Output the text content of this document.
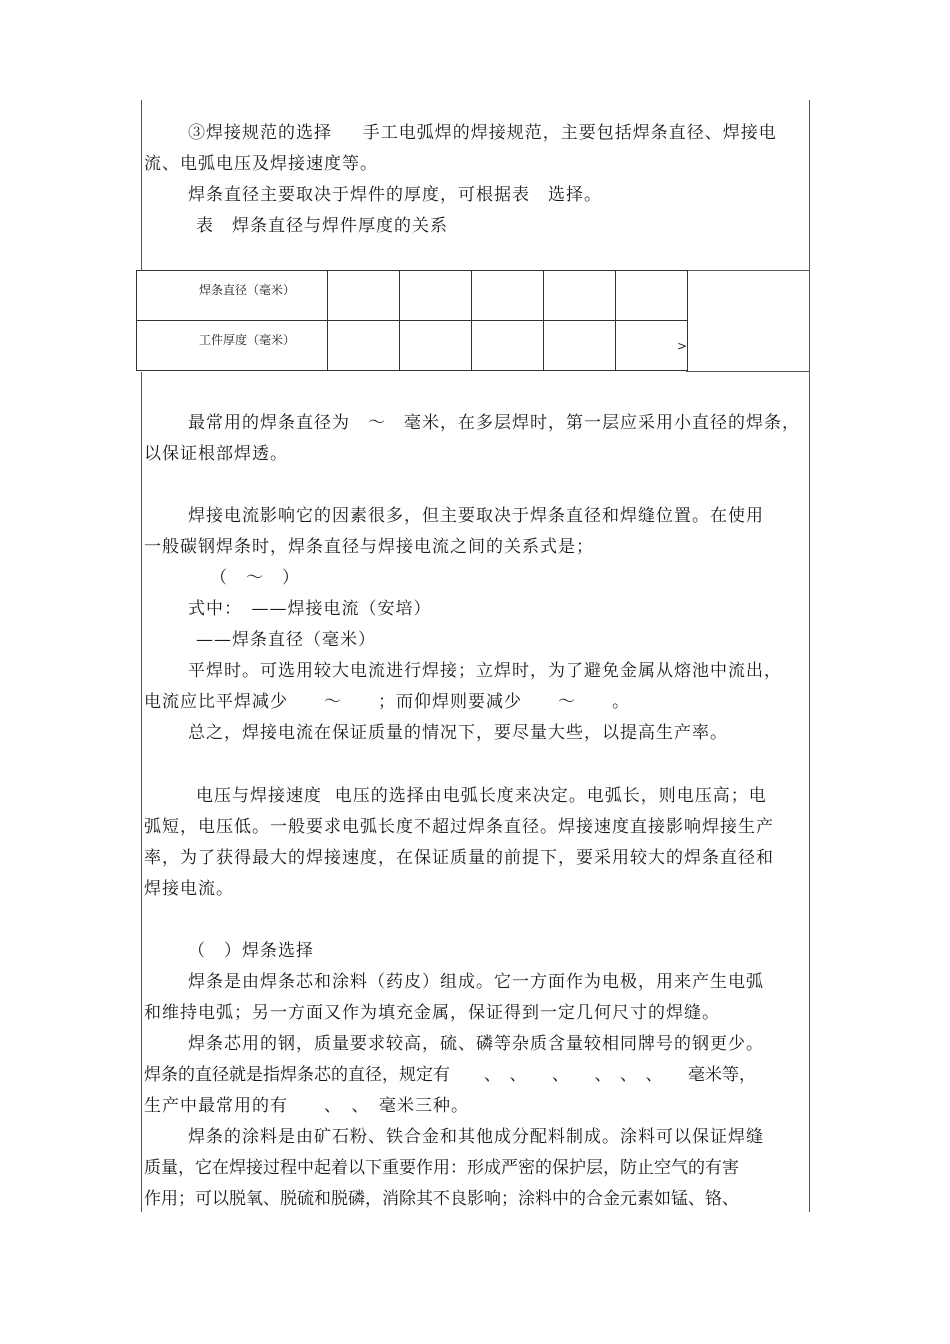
③焊接规范的选择　  手工电弧焊的焊接规范，主要包括焊条直径、焊接电
流、电弧电压及焊接速度等。
焊条直径主要取决于焊件的厚度，可根据表　选择。
表　焊条直径与焊件厚度的关系
焊条直径（毫米）					
工件厚度（毫米）					>
最常用的焊条直径为　～　毫米，在多层焊时，第一层应采用小直径的焊条，
以保证根部焊透。
焊接电流影响它的因素很多，但主要取决于焊条直径和焊缝位置。在使用
一般碳钢焊条时，焊条直径与焊接电流之间的关系式是；
（　～　）
式中：　——焊接电流（安培）
——焊条直径（毫米）
平焊时。可选用较大电流进行焊接；立焊时，为了避免金属从熔池中流出，
电流应比平焊减少　　～　　；而仰焊则要减少　　～　　。
总之，焊接电流在保证质量的情况下，要尽量大些，以提高生产率。
电压与焊接速度  电压的选择由电弧长度来决定。电弧长，则电压高；电
弧短，电压低。一般要求电弧长度不超过焊条直径。焊接速度直接影响焊接生产
率，为了获得最大的焊接速度，在保证质量的前提下，要采用较大的焊条直径和
焊接电流。
（　）焊条选择
焊条是由焊条芯和涂料（药皮）组成。它一方面作为电极，用来产生电弧
和维持电弧；另一方面又作为填充金属，保证得到一定几何尺寸的焊缝。
焊条芯用的钢，质量要求较高，硫、磷等杂质含量较相同牌号的钢更少。
焊条的直径就是指焊条芯的直径，规定有　　、　、　　、　　、　、　、　　毫米等，
生产中最常用的有　　、　、　毫米三种。
焊条的涂料是由矿石粉、铁合金和其他成分配料制成。涂料可以保证焊缝
质量，它在焊接过程中起着以下重要作用：形成严密的保护层，防止空气的有害
作用；可以脱氧、脱硫和脱磷，消除其不良影响；涂料中的合金元素如锰、铬、
